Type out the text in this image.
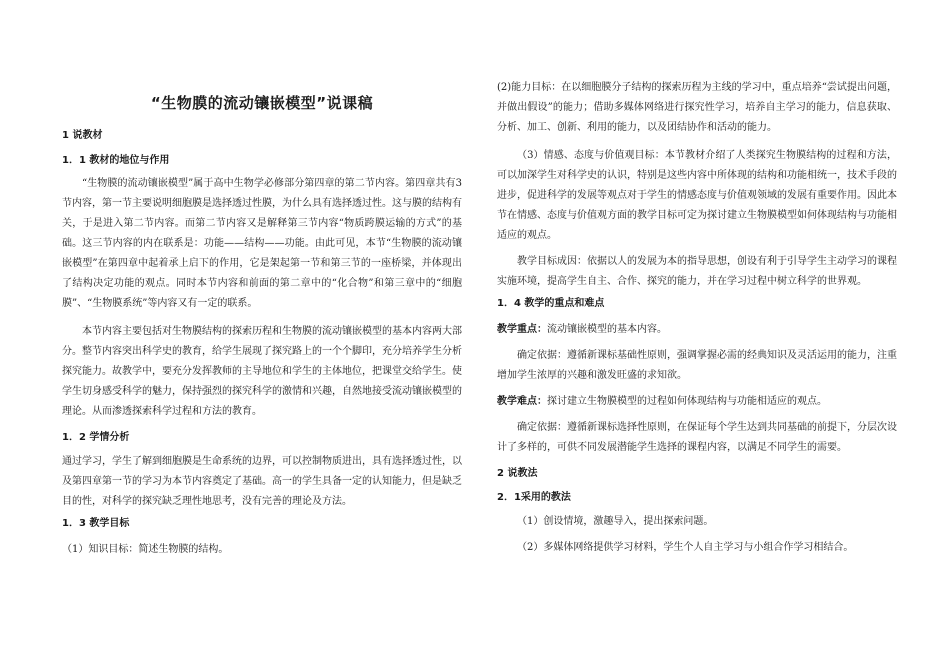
“生物膜的流动镶嵌模型”说课稿
1 说教材
1．1 教材的地位与作用

“生物膜的流动镶嵌模型”属于高中生物学必修部分第四章的第二节内容。第四章共有3节内容，第一节主要说明细胞膜是选择透过性膜，为什么具有选择透过性。这与膜的结构有关，于是进入第二节内容。而第二节内容又是解释第三节内容“物质跨膜运输的方式”的基础。这三节内容的内在联系是：功能——结构——功能。由此可见，本节“生物膜的流动镶嵌模型”在第四章中起着承上启下的作用，它是架起第一节和第三节的一座桥梁，并体现出了结构决定功能的观点。同时本节内容和前面的第二章中的“化合物”和第三章中的“细胞膜”、“生物膜系统”等内容又有一定的联系。

本节内容主要包括对生物膜结构的探索历程和生物膜的流动镶嵌模型的基本内容两大部分。整节内容突出科学史的教育，给学生展现了探究路上的一个个脚印，充分培养学生分析探究能力。故教学中，要充分发挥教师的主导地位和学生的主体地位，把课堂交给学生。使学生切身感受科学的魅力，保持强烈的探究科学的激情和兴趣，自然地接受流动镶嵌模型的理论。从而渗透探索科学过程和方法的教育。

1．2 学情分析

通过学习，学生了解到细胞膜是生命系统的边界，可以控制物质进出，具有选择透过性，以及第四章第一节的学习为本节内容奠定了基础。高一的学生具备一定的认知能力，但是缺乏目的性，对科学的探究缺乏理性地思考，没有完善的理论及方法。

1．3 教学目标

（1）知识目标：简述生物膜的结构。

(2)能力目标：在以细胞膜分子结构的探索历程为主线的学习中，重点培养“尝试提出问题，并做出假设”的能力；借助多媒体网络进行探究性学习，培养自主学习的能力，信息获取、分析、加工、创新、利用的能力，以及团结协作和活动的能力。

（3）情感、态度与价值观目标：本节教材介绍了人类探究生物膜结构的过程和方法，可以加深学生对科学史的认识，特别是这些内容中所体现的结构和功能相统一，技术手段的进步，促进科学的发展等观点对于学生的情感态度与价值观领域的发展有重要作用。因此本节在情感、态度与价值观方面的教学目标可定为探讨建立生物膜模型如何体现结构与功能相适应的观点。

教学目标成因：依据以人的发展为本的指导思想，创设有利于引导学生主动学习的课程实施环境，提高学生自主、合作、探究的能力，并在学习过程中树立科学的世界观。

1．4 教学的重点和难点

教学重点：流动镶嵌模型的基本内容。

确定依据：遵循新课标基础性原则，强调掌握必需的经典知识及灵活运用的能力，注重增加学生浓厚的兴趣和激发旺盛的求知欲。

教学难点：探讨建立生物膜模型的过程如何体现结构与功能相适应的观点。

确定依据：遵循新课标选择性原则，在保证每个学生达到共同基础的前提下，分层次设计了多样的，可供不同发展潜能学生选择的课程内容，以满足不同学生的需要。

2 说教法
2．1采用的教法

（1）创设情境，激趣导入，提出探索问题。

（2）多媒体网络提供学习材料，学生个人自主学习与小组合作学习相结合。
